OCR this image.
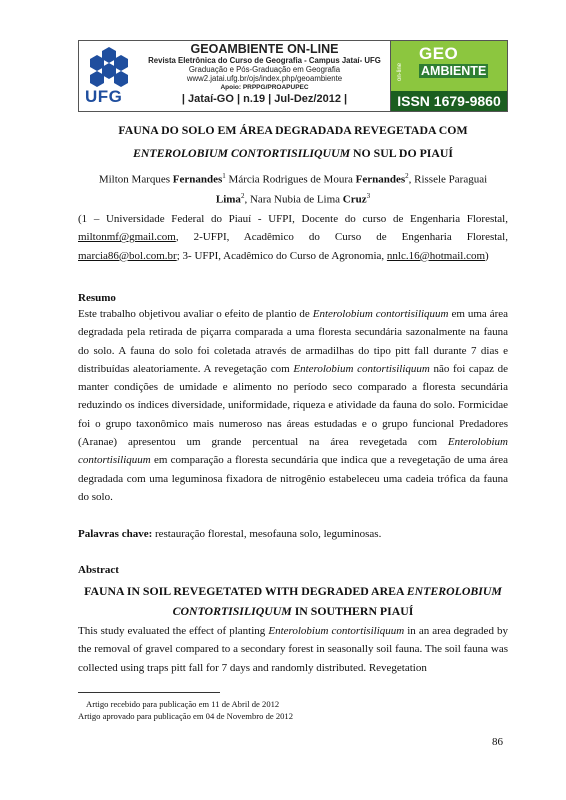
UFG
GEOAMBIENTE ON-LINE
Revista Eletrônica do Curso de Geografia - Campus Jataí- UFG
Graduação e Pós-Graduação em Geografia
www2.jatai.ufg.br/ojs/index.php/geoambiente
Apoio: PRPPG/PROAPUPEC
| Jataí-GO | n.19 | Jul-Dez/2012 |
on-line
GEO
AMBIENTE
ISSN 1679-9860
FAUNA DO SOLO EM ÁREA DEGRADADA REVEGETADA COM
ENTEROLOBIUM CONTORTISILIQUUM NO SUL DO PIAUÍ
Milton Marques Fernandes$^1$ Márcia Rodrigues de Moura Fernandes$^2$, Rissele Paraguai
Lima$^2$, Nara Nubia de Lima Cruz$^3$
(1 – Universidade Federal do Piauí - UFPI, Docente do curso de Engenharia Florestal, miltonmf@gmail.com, 2-UFPI, Acadêmico do Curso de Engenharia Florestal, marcia86@bol.com.br; 3- UFPI, Acadêmico do Curso de Agronomia, nnlc.16@hotmail.com)
Resumo
Este trabalho objetivou avaliar o efeito de plantio de Enterolobium contortisiliquum em uma área degradada pela retirada de piçarra comparada a uma floresta secundária sazonalmente na fauna do solo. A fauna do solo foi coletada através de armadilhas do tipo pitt fall durante 7 dias e distribuídas aleatoriamente. A revegetação com Enterolobium contortisiliquum não foi capaz de manter condições de umidade e alimento no período seco comparado a floresta secundária reduzindo os índices diversidade, uniformidade, riqueza e atividade da fauna do solo. Formicidae foi o grupo taxonômico mais numeroso nas áreas estudadas e o grupo funcional Predadores (Aranae) apresentou um grande percentual na área revegetada com Enterolobium contortisiliquum em comparação a floresta secundária que indica que a revegetação de uma área degradada com uma leguminosa fixadora de nitrogênio estabeleceu uma cadeia trófica da fauna do solo.
Palavras chave: restauração florestal, mesofauna solo, leguminosas.
Abstract
FAUNA IN SOIL REVEGETATED WITH DEGRADED AREA ENTEROLOBIUM
CONTORTISILIQUUM IN SOUTHERN PIAUÍ
This study evaluated the effect of planting Enterolobium contortisiliquum in an area degraded by the removal of gravel compared to a secondary forest in seasonally soil fauna. The soil fauna was collected using traps pitt fall for 7 days and randomly distributed. Revegetation
Artigo recebido para publicação em 11 de Abril de 2012
Artigo aprovado para publicação em 04 de Novembro de 2012
86
